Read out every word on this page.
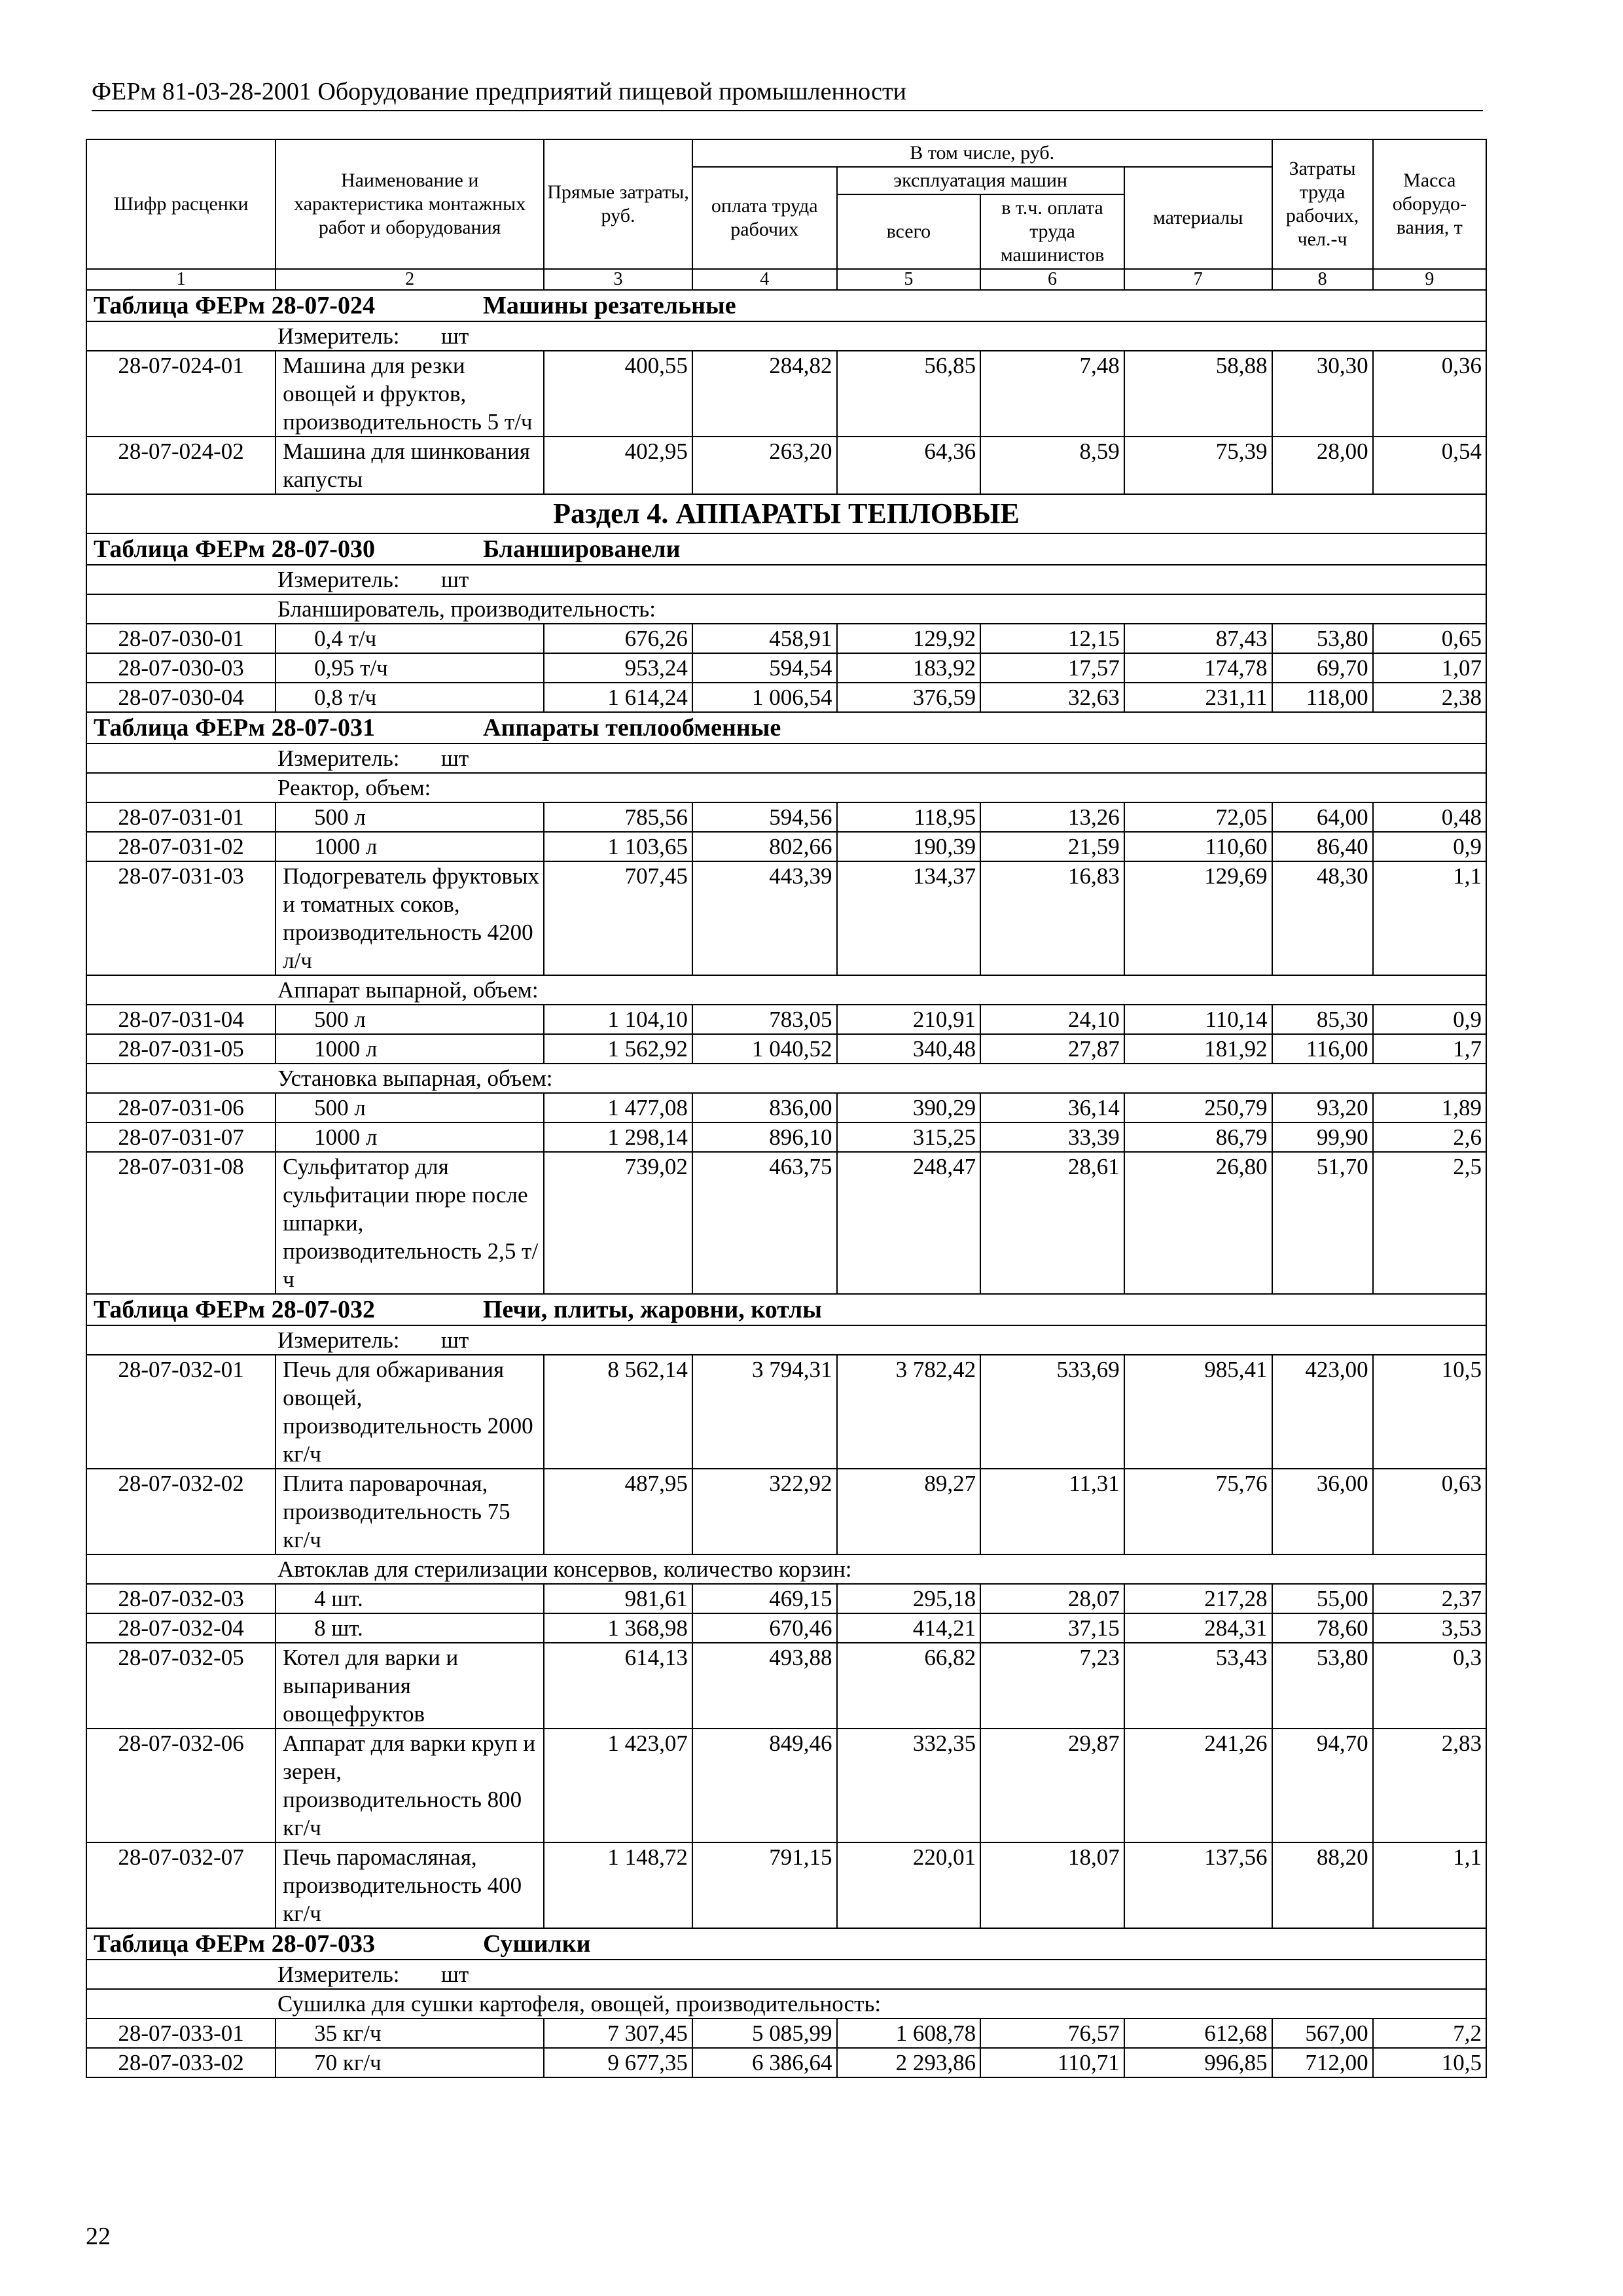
ФЕРм 81-03-28-2001 Оборудование предприятий пищевой промышленности
Шифр расценки	Наименование и характеристика монтажных работ и оборудования	Прямые затраты, руб.	В том числе, руб.				Затраты труда рабочих, чел.-ч	Масса оборудо-вания, т
			оплата труда рабочих	эксплуатация машин		материалы		
				всего	в т.ч. оплата труда машинистов			
1	2	3	4	5	6	7	8	9
Таблица ФЕРм 28-07-024 Машины резательные								
Измеритель: шт								
28-07-024-01	Машина для резки овощей и фруктов, производительность 5 т/ч	400,55	284,82	56,85	7,48	58,88	30,30	0,36
28-07-024-02	Машина для шинкования капусты	402,95	263,20	64,36	8,59	75,39	28,00	0,54
Раздел 4. АППАРАТЫ ТЕПЛОВЫЕ								
Таблица ФЕРм 28-07-030 Бланшированели								
Измеритель: шт								
Бланширователь, производительность:								
28-07-030-01	0,4 т/ч	676,26	458,91	129,92	12,15	87,43	53,80	0,65
28-07-030-03	0,95 т/ч	953,24	594,54	183,92	17,57	174,78	69,70	1,07
28-07-030-04	0,8 т/ч	1 614,24	1 006,54	376,59	32,63	231,11	118,00	2,38
Таблица ФЕРм 28-07-031 Аппараты теплообменные								
Измеритель: шт								
Реактор, объем:								
28-07-031-01	500 л	785,56	594,56	118,95	13,26	72,05	64,00	0,48
28-07-031-02	1000 л	1 103,65	802,66	190,39	21,59	110,60	86,40	0,9
28-07-031-03	Подогреватель фруктовых и томатных соков, производительность 4200 л/ч	707,45	443,39	134,37	16,83	129,69	48,30	1,1
Аппарат выпарной, объем:								
28-07-031-04	500 л	1 104,10	783,05	210,91	24,10	110,14	85,30	0,9
28-07-031-05	1000 л	1 562,92	1 040,52	340,48	27,87	181,92	116,00	1,7
Установка выпарная, объем:								
28-07-031-06	500 л	1 477,08	836,00	390,29	36,14	250,79	93,20	1,89
28-07-031-07	1000 л	1 298,14	896,10	315,25	33,39	86,79	99,90	2,6
28-07-031-08	Сульфитатор для сульфитации пюре после шпарки, производительность 2,5 т/ч	739,02	463,75	248,47	28,61	26,80	51,70	2,5
Таблица ФЕРм 28-07-032 Печи, плиты, жаровни, котлы								
Измеритель: шт								
28-07-032-01	Печь для обжаривания овощей, производительность 2000 кг/ч	8 562,14	3 794,31	3 782,42	533,69	985,41	423,00	10,5
28-07-032-02	Плита пароварочная, производительность 75 кг/ч	487,95	322,92	89,27	11,31	75,76	36,00	0,63
Автоклав для стерилизации консервов, количество корзин:								
28-07-032-03	4 шт.	981,61	469,15	295,18	28,07	217,28	55,00	2,37
28-07-032-04	8 шт.	1 368,98	670,46	414,21	37,15	284,31	78,60	3,53
28-07-032-05	Котел для варки и выпаривания овощефруктов	614,13	493,88	66,82	7,23	53,43	53,80	0,3
28-07-032-06	Аппарат для варки круп и зерен, производительность 800 кг/ч	1 423,07	849,46	332,35	29,87	241,26	94,70	2,83
28-07-032-07	Печь паромасляная, производительность 400 кг/ч	1 148,72	791,15	220,01	18,07	137,56	88,20	1,1
Таблица ФЕРм 28-07-033 Сушилки								
Измеритель: шт								
Сушилка для сушки картофеля, овощей, производительность:								
28-07-033-01	35 кг/ч	7 307,45	5 085,99	1 608,78	76,57	612,68	567,00	7,2
28-07-033-02	70 кг/ч	9 677,35	6 386,64	2 293,86	110,71	996,85	712,00	10,5
22
